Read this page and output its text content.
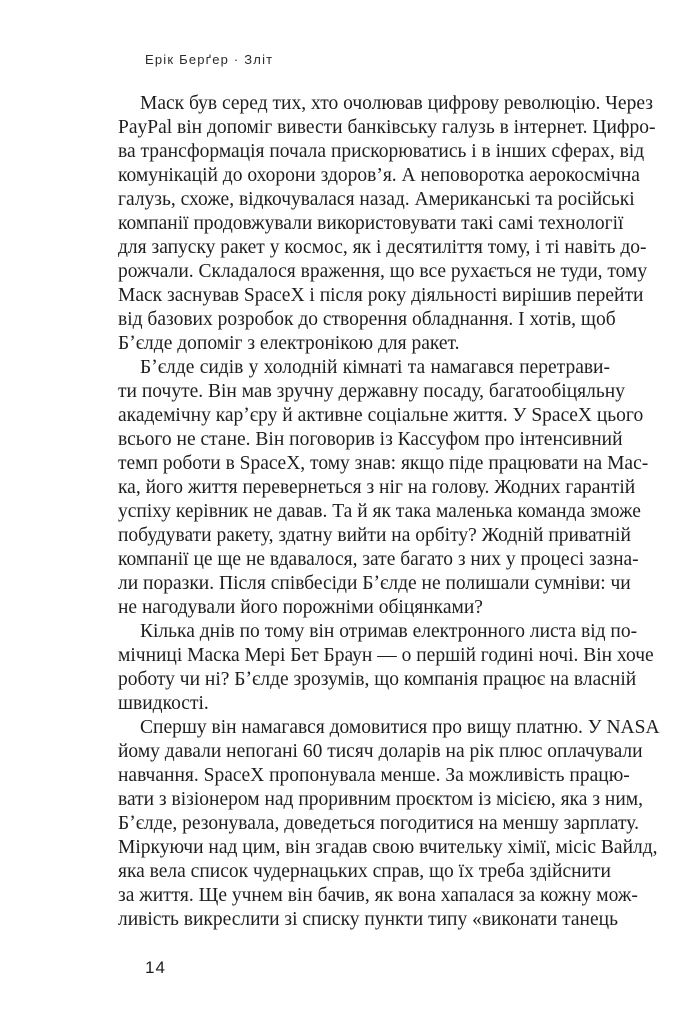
Ерік Берґер · Зліт
Маск був серед тих, хто очолював цифрову революцію. Через
PayPal він допоміг вивести банківську галузь в інтернет. Цифро-
ва трансформація почала прискорюватись і в інших сферах, від
комунікацій до охорони здоров’я. А неповоротка аерокосмічна
галузь, схоже, відкочувалася назад. Американські та російські
компанії продовжували використовувати такі самі технології
для запуску ракет у космос, як і десятиліття тому, і ті навіть до-
рожчали. Складалося враження, що все рухається не туди, тому
Маск заснував SpaceX і після року діяльності вирішив перейти
від базових розробок до створення обладнання. І хотів, щоб
Бʼєлде допоміг з електронікою для ракет.
Бʼєлде сидів у холодній кімнаті та намагався перетрави-
ти почуте. Він мав зручну державну посаду, багатообіцяльну
академічну карʼєру й активне соціальне життя. У SpaceX цього
всього не стане. Він поговорив із Кассуфом про інтенсивний
темп роботи в SpaceX, тому знав: якщо піде працювати на Мас-
ка, його життя перевернеться з ніг на голову. Жодних гарантій
успіху керівник не давав. Та й як така маленька команда зможе
побудувати ракету, здатну вийти на орбіту? Жодній приватній
компанії це ще не вдавалося, зате багато з них у процесі зазна-
ли поразки. Після співбесіди Бʼєлде не полишали сумніви: чи
не нагодували його порожніми обіцянками?
Кілька днів по тому він отримав електронного листа від по-
мічниці Маска Мері Бет Браун — о першій годині ночі. Він хоче
роботу чи ні? Бʼєлде зрозумів, що компанія працює на власній
швидкості.
Спершу він намагався домовитися про вищу платню. У NASA
йому давали непогані 60 тисяч доларів на рік плюс оплачували
навчання. SpaceX пропонувала менше. За можливість працю-
вати з візіонером над проривним проєктом із місією, яка з ним,
Бʼєлде, резонувала, доведеться погодитися на меншу зарплату.
Міркуючи над цим, він згадав свою вчительку хімії, місіс Вайлд,
яка вела список чудернацьких справ, що їх треба здійснити
за життя. Ще учнем він бачив, як вона хапалася за кожну мож-
ливість викреслити зі списку пункти типу «виконати танець
14
